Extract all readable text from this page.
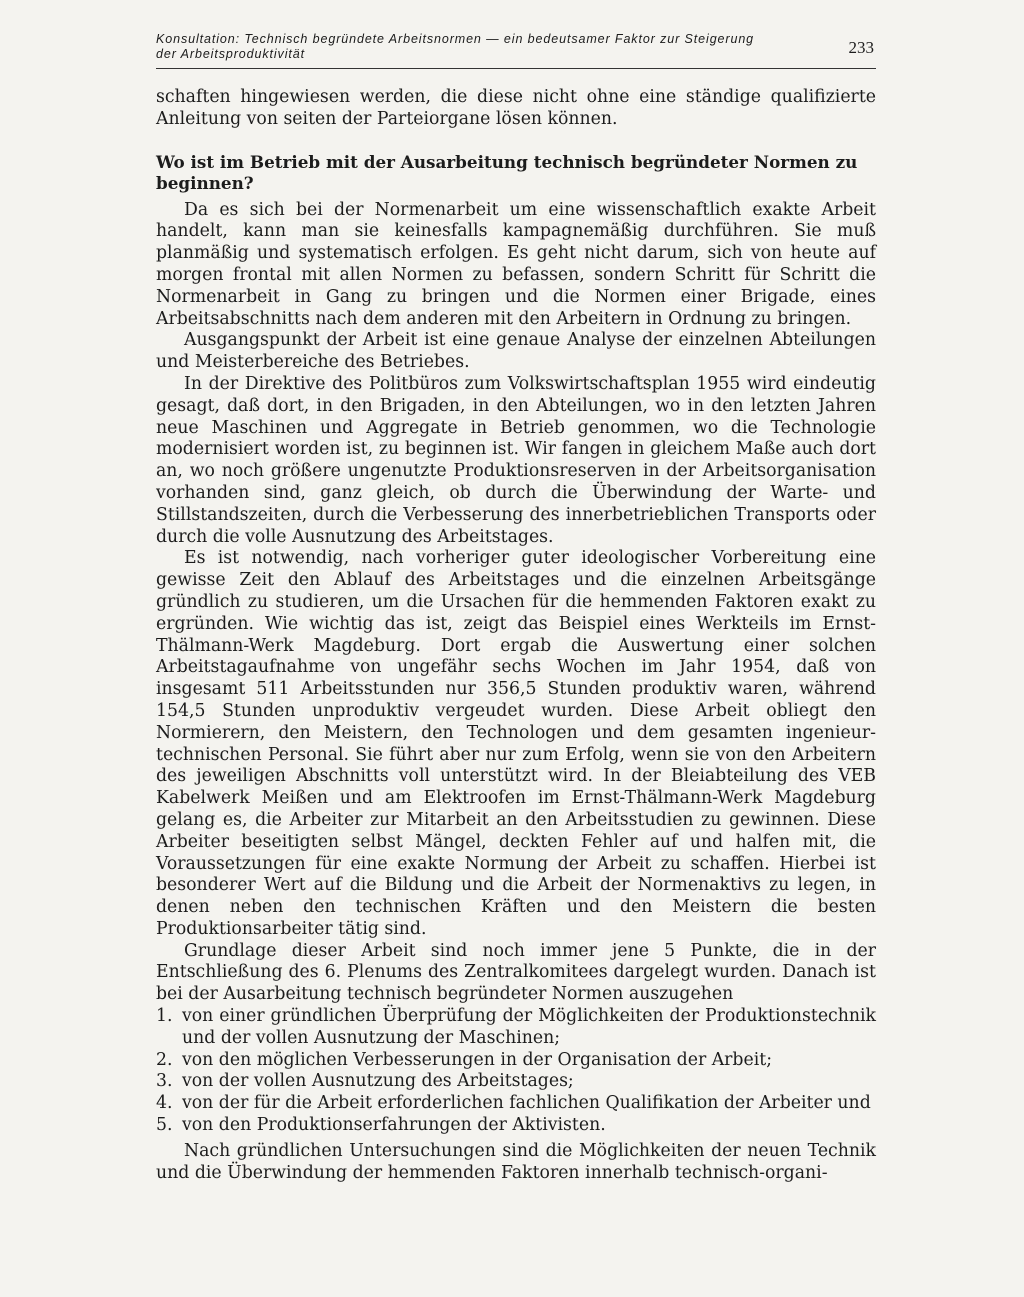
Konsultation: Technisch begründete Arbeitsnormen — ein bedeutsamer Faktor zur Steigerung
der Arbeitsproduktivität	233

schaften hingewiesen werden, die diese nicht ohne eine ständige qualifizierte Anleitung von seiten der Parteiorgane lösen können.

Wo ist im Betrieb mit der Ausarbeitung technisch begründeter Normen zu beginnen?

Da es sich bei der Normenarbeit um eine wissenschaftlich exakte Arbeit handelt, kann man sie keinesfalls kampagnemäßig durchführen. Sie muß planmäßig und systematisch erfolgen. Es geht nicht darum, sich von heute auf morgen frontal mit allen Normen zu befassen, sondern Schritt für Schritt die Normenarbeit in Gang zu bringen und die Normen einer Brigade, eines Arbeitsabschnitts nach dem anderen mit den Arbeitern in Ordnung zu bringen.

Ausgangspunkt der Arbeit ist eine genaue Analyse der einzelnen Abteilungen und Meisterbereiche des Betriebes.

In der Direktive des Politbüros zum Volkswirtschaftsplan 1955 wird eindeutig gesagt, daß dort, in den Brigaden, in den Abteilungen, wo in den letzten Jahren neue Maschinen und Aggregate in Betrieb genommen, wo die Technologie modernisiert worden ist, zu beginnen ist. Wir fangen in gleichem Maße auch dort an, wo noch größere ungenutzte Produktionsreserven in der Arbeitsorganisation vorhanden sind, ganz gleich, ob durch die Überwindung der Warte- und Stillstandszeiten, durch die Verbesserung des innerbetrieblichen Transports oder durch die volle Ausnutzung des Arbeitstages.

Es ist notwendig, nach vorheriger guter ideologischer Vorbereitung eine gewisse Zeit den Ablauf des Arbeitstages und die einzelnen Arbeitsgänge gründlich zu studieren, um die Ursachen für die hemmenden Faktoren exakt zu ergründen. Wie wichtig das ist, zeigt das Beispiel eines Werkteils im Ernst-Thälmann-Werk Magdeburg. Dort ergab die Auswertung einer solchen Arbeitstagaufnahme von ungefähr sechs Wochen im Jahr 1954, daß von insgesamt 511 Arbeitsstunden nur 356,5 Stunden produktiv waren, während 154,5 Stunden unproduktiv vergeudet wurden. Diese Arbeit obliegt den Normierern, den Meistern, den Technologen und dem gesamten ingenieur-technischen Personal. Sie führt aber nur zum Erfolg, wenn sie von den Arbeitern des jeweiligen Abschnitts voll unterstützt wird. In der Bleiabteilung des VEB Kabelwerk Meißen und am Elektroofen im Ernst-Thälmann-Werk Magdeburg gelang es, die Arbeiter zur Mitarbeit an den Arbeitsstudien zu gewinnen. Diese Arbeiter beseitigten selbst Mängel, deckten Fehler auf und halfen mit, die Voraussetzungen für eine exakte Normung der Arbeit zu schaffen. Hierbei ist besonderer Wert auf die Bildung und die Arbeit der Normenaktivs zu legen, in denen neben den technischen Kräften und den Meistern die besten Produktionsarbeiter tätig sind.

Grundlage dieser Arbeit sind noch immer jene 5 Punkte, die in der Entschließung des 6. Plenums des Zentralkomitees dargelegt wurden. Danach ist bei der Ausarbeitung technisch begründeter Normen auszugehen

1. von einer gründlichen Überprüfung der Möglichkeiten der Produktionstechnik und der vollen Ausnutzung der Maschinen;
2. von den möglichen Verbesserungen in der Organisation der Arbeit;
3. von der vollen Ausnutzung des Arbeitstages;
4. von der für die Arbeit erforderlichen fachlichen Qualifikation der Arbeiter und
5. von den Produktionserfahrungen der Aktivisten.

Nach gründlichen Untersuchungen sind die Möglichkeiten der neuen Technik und die Überwindung der hemmenden Faktoren innerhalb technisch-organi-
